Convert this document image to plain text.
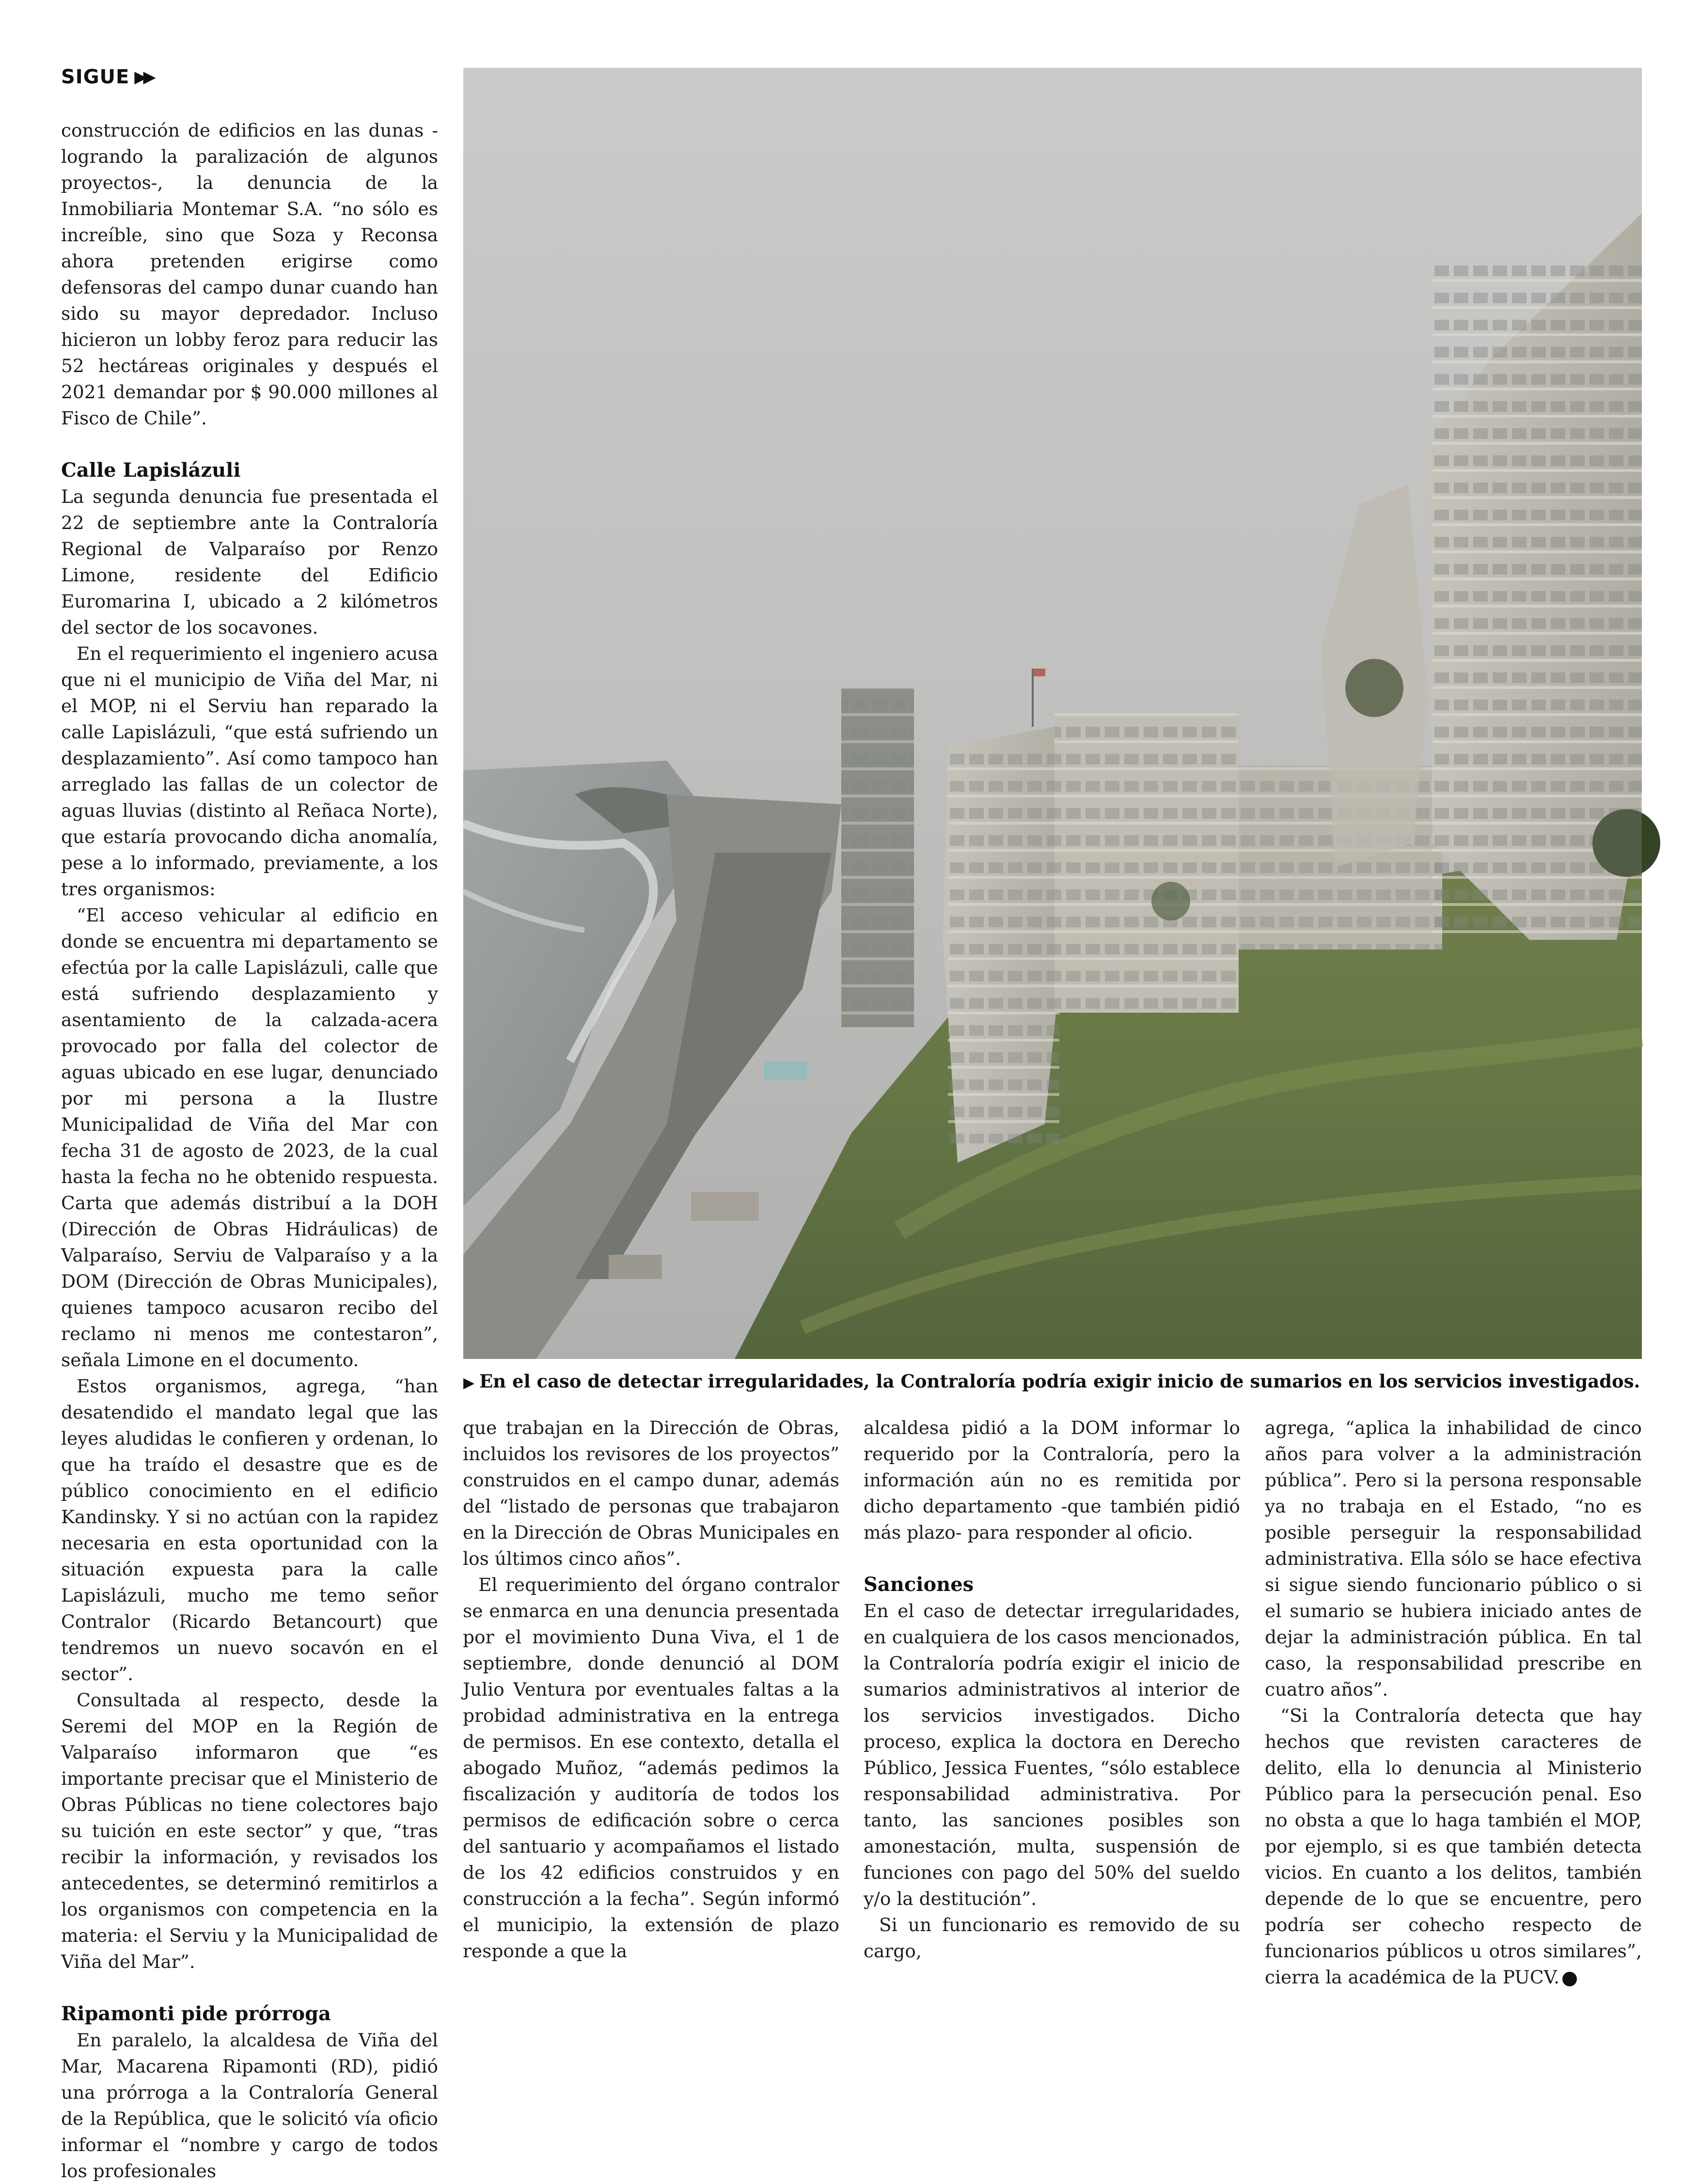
SIGUE ▶▶

construcción de edificios en las dunas -logrando la paralización de algunos proyectos-, la denuncia de la Inmobiliaria Montemar S.A. “no sólo es increíble, sino que Soza y Reconsa ahora pretenden erigirse como defensoras del campo dunar cuando han sido su mayor depredador. Incluso hicieron un lobby feroz para reducir las 52 hectáreas originales y después el 2021 demandar por $ 90.000 millones al Fisco de Chile”.

Calle Lapislázuli

La segunda denuncia fue presentada el 22 de septiembre ante la Contraloría Regional de Valparaíso por Renzo Limone, residente del Edificio Euromarina I, ubicado a 2 kilómetros del sector de los socavones.

En el requerimiento el ingeniero acusa que ni el municipio de Viña del Mar, ni el MOP, ni el Serviu han reparado la calle Lapislázuli, “que está sufriendo un desplazamiento”. Así como tampoco han arreglado las fallas de un colector de aguas lluvias (distinto al Reñaca Norte), que estaría provocando dicha anomalía, pese a lo informado, previamente, a los tres organismos:

“El acceso vehicular al edificio en donde se encuentra mi departamento se efectúa por la calle Lapislázuli, calle que está sufriendo desplazamiento y asentamiento de la calzada-acera provocado por falla del colector de aguas ubicado en ese lugar, denunciado por mi persona a la Ilustre Municipalidad de Viña del Mar con fecha 31 de agosto de 2023, de la cual hasta la fecha no he obtenido respuesta. Carta que además distribuí a la DOH (Dirección de Obras Hidráulicas) de Valparaíso, Serviu de Valparaíso y a la DOM (Dirección de Obras Municipales), quienes tampoco acusaron recibo del reclamo ni menos me contestaron”, señala Limone en el documento.

Estos organismos, agrega, “han desatendido el mandato legal que las leyes aludidas le confieren y ordenan, lo que ha traído el desastre que es de público conocimiento en el edificio Kandinsky. Y si no actúan con la rapidez necesaria en esta oportunidad con la situación expuesta para la calle Lapislázuli, mucho me temo señor Contralor (Ricardo Betancourt) que tendremos un nuevo socavón en el sector”.

Consultada al respecto, desde la Seremi del MOP en la Región de Valparaíso informaron que “es importante precisar que el Ministerio de Obras Públicas no tiene colectores bajo su tuición en este sector” y que, “tras recibir la información, y revisados los antecedentes, se determinó remitirlos a los organismos con competencia en la materia: el Serviu y la Municipalidad de Viña del Mar”.

Ripamonti pide prórroga

En paralelo, la alcaldesa de Viña del Mar, Macarena Ripamonti (RD), pidió una prórroga a la Contraloría General de la República, que le solicitó vía oficio informar el “nombre y cargo de todos los profesionales

▶ En el caso de detectar irregularidades, la Contraloría podría exigir inicio de sumarios en los servicios investigados.

que trabajan en la Dirección de Obras, incluidos los revisores de los proyectos” construidos en el campo dunar, además del “listado de personas que trabajaron en la Dirección de Obras Municipales en los últimos cinco años”.

El requerimiento del órgano contralor se enmarca en una denuncia presentada por el movimiento Duna Viva, el 1 de septiembre, donde denunció al DOM Julio Ventura por eventuales faltas a la probidad administrativa en la entrega de permisos. En ese contexto, detalla el abogado Muñoz, “además pedimos la fiscalización y auditoría de todos los permisos de edificación sobre o cerca del santuario y acompañamos el listado de los 42 edificios construidos y en construcción a la fecha”. Según informó el municipio, la extensión de plazo responde a que la

alcaldesa pidió a la DOM informar lo requerido por la Contraloría, pero la información aún no es remitida por dicho departamento -que también pidió más plazo- para responder al oficio.

Sanciones

En el caso de detectar irregularidades, en cualquiera de los casos mencionados, la Contraloría podría exigir el inicio de sumarios administrativos al interior de los servicios investigados. Dicho proceso, explica la doctora en Derecho Público, Jessica Fuentes, “sólo establece responsabilidad administrativa. Por tanto, las sanciones posibles son amonestación, multa, suspensión de funciones con pago del 50% del sueldo y/o la destitución”.

Si un funcionario es removido de su cargo,

agrega, “aplica la inhabilidad de cinco años para volver a la administración pública”. Pero si la persona responsable ya no trabaja en el Estado, “no es posible perseguir la responsabilidad administrativa. Ella sólo se hace efectiva si sigue siendo funcionario público o si el sumario se hubiera iniciado antes de dejar la administración pública. En tal caso, la responsabilidad prescribe en cuatro años”.

“Si la Contraloría detecta que hay hechos que revisten caracteres de delito, ella lo denuncia al Ministerio Público para la persecución penal. Eso no obsta a que lo haga también el MOP, por ejemplo, si es que también detecta vicios. En cuanto a los delitos, también depende de lo que se encuentre, pero podría ser cohecho respecto de funcionarios públicos u otros similares”, cierra la académica de la PUCV.
